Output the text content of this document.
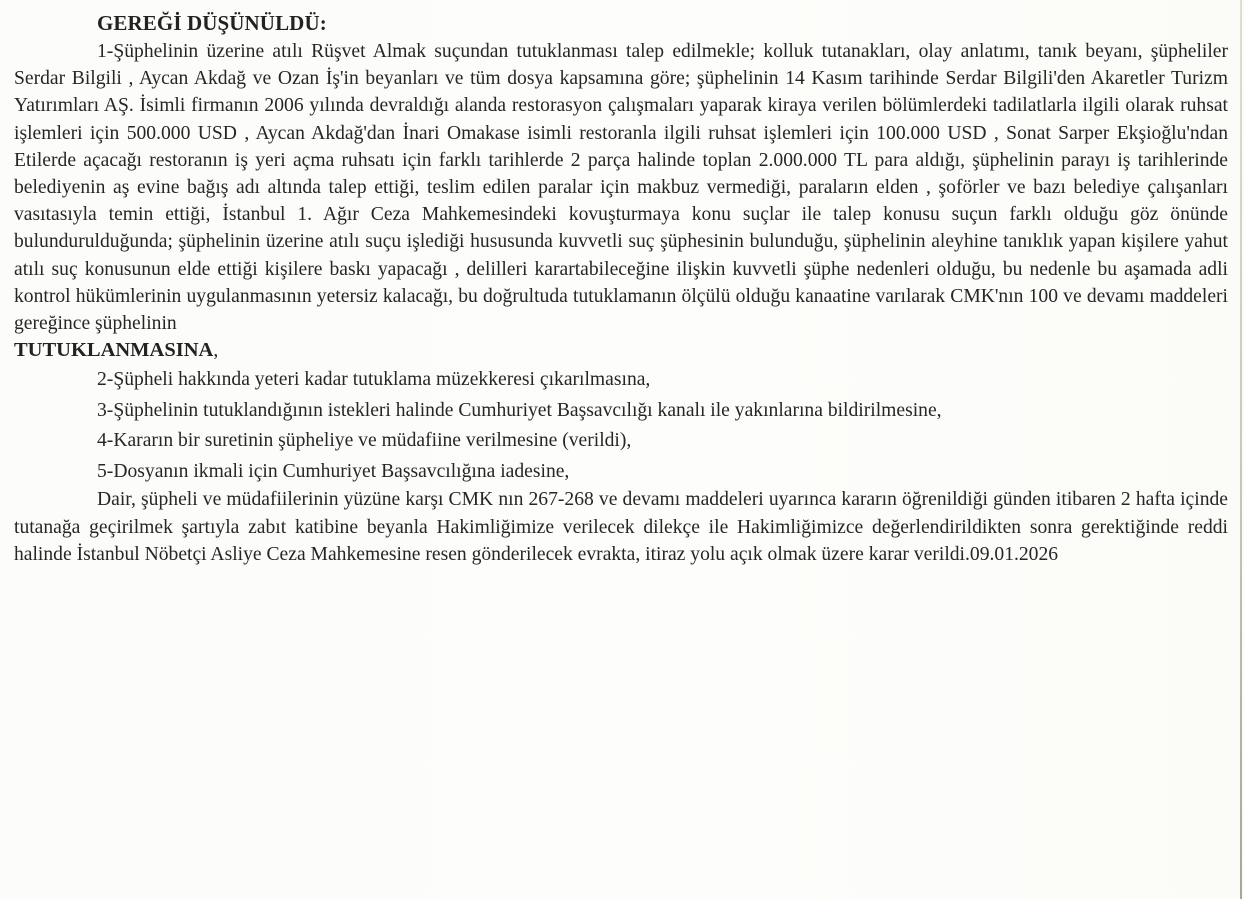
GEREĞİ DÜŞÜNÜLDÜ:

1-Şüphelinin üzerine atılı Rüşvet Almak suçundan tutuklanması talep edilmekle; kolluk tutanakları, olay anlatımı, tanık beyanı, şüpheliler Serdar Bilgili , Aycan Akdağ ve Ozan İş'in beyanları ve tüm dosya kapsamına göre; şüphelinin 14 Kasım tarihinde Serdar Bilgili'den Akaretler Turizm Yatırımları AŞ. İsimli firmanın 2006 yılında devraldığı alanda restorasyon çalışmaları yaparak kiraya verilen bölümlerdeki tadilatlarla ilgili olarak ruhsat işlemleri için 500.000 USD , Aycan Akdağ'dan İnari Omakase isimli restoranla ilgili ruhsat işlemleri için 100.000 USD , Sonat Sarper Ekşioğlu'ndan Etilerde açacağı restoranın iş yeri açma ruhsatı için farklı tarihlerde 2 parça halinde toplan 2.000.000 TL para aldığı, şüphelinin parayı iş tarihlerinde belediyenin aş evine bağış adı altında talep ettiği, teslim edilen paralar için makbuz vermediği, paraların elden , şoförler ve bazı belediye çalışanları vasıtasıyla temin ettiği, İstanbul 1. Ağır Ceza Mahkemesindeki kovuşturmaya konu suçlar ile talep konusu suçun farklı olduğu göz önünde bulundurulduğunda; şüphelinin üzerine atılı suçu işlediği hususunda kuvvetli suç şüphesinin bulunduğu, şüphelinin aleyhine tanıklık yapan kişilere yahut atılı suç konusunun elde ettiği kişilere baskı yapacağı , delilleri karartabileceğine ilişkin kuvvetli şüphe nedenleri olduğu, bu nedenle bu aşamada adli kontrol hükümlerinin uygulanmasının yetersiz kalacağı, bu doğrultuda tutuklamanın ölçülü olduğu kanaatine varılarak CMK'nın 100 ve devamı maddeleri gereğince şüphelinin

TUTUKLANMASINA,

2-Şüpheli hakkında yeteri kadar tutuklama müzekkeresi çıkarılmasına,

3-Şüphelinin tutuklandığının istekleri halinde Cumhuriyet Başsavcılığı kanalı ile yakınlarına bildirilmesine,

4-Kararın bir suretinin şüpheliye ve müdafiine verilmesine (verildi),

5-Dosyanın ikmali için Cumhuriyet Başsavcılığına iadesine,

Dair, şüpheli ve müdafiilerinin yüzüne karşı CMK nın 267-268 ve devamı maddeleri uyarınca kararın öğrenildiği günden itibaren 2 hafta içinde tutanağa geçirilmek şartıyla zabıt katibine beyanla Hakimliğimize verilecek dilekçe ile Hakimliğimizce değerlendirildikten sonra gerektiğinde reddi halinde İstanbul Nöbetçi Asliye Ceza Mahkemesine resen gönderilecek evrakta, itiraz yolu açık olmak üzere karar verildi.09.01.2026
